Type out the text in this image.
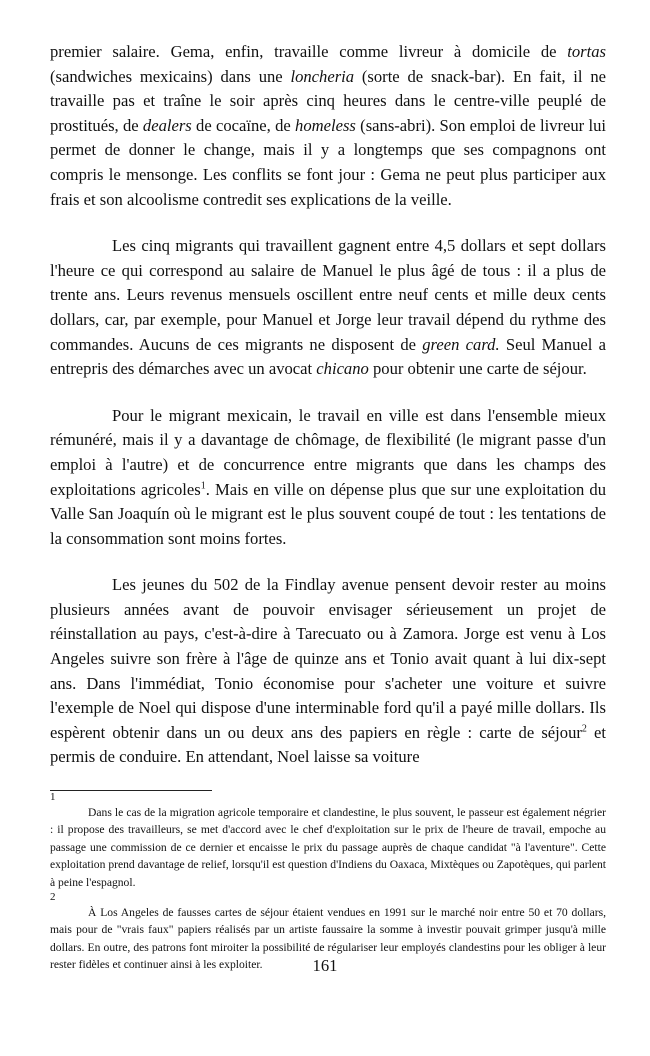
premier salaire. Gema, enfin, travaille comme livreur à domicile de tortas (sandwiches mexicains) dans une loncheria (sorte de snack-bar). En fait, il ne travaille pas et traîne le soir après cinq heures dans le centre-ville peuplé de prostitués, de dealers de cocaïne, de homeless (sans-abri). Son emploi de livreur lui permet de donner le change, mais il y a longtemps que ses compagnons ont compris le mensonge. Les conflits se font jour : Gema ne peut plus participer aux frais et son alcoolisme contredit ses explications de la veille.

Les cinq migrants qui travaillent gagnent entre 4,5 dollars et sept dollars l'heure ce qui correspond au salaire de Manuel le plus âgé de tous : il a plus de trente ans. Leurs revenus mensuels oscillent entre neuf cents et mille deux cents dollars, car, par exemple, pour Manuel et Jorge leur travail dépend du rythme des commandes. Aucuns de ces migrants ne disposent de green card. Seul Manuel a entrepris des démarches avec un avocat chicano pour obtenir une carte de séjour.

Pour le migrant mexicain, le travail en ville est dans l'ensemble mieux rémunéré, mais il y a davantage de chômage, de flexibilité (le migrant passe d'un emploi à l'autre) et de concurrence entre migrants que dans les champs des exploitations agricoles$^1$. Mais en ville on dépense plus que sur une exploitation du Valle San Joaquín où le migrant est le plus souvent coupé de tout : les tentations de la consommation sont moins fortes.

Les jeunes du 502 de la Findlay avenue pensent devoir rester au moins plusieurs années avant de pouvoir envisager sérieusement un projet de réinstallation au pays, c'est-à-dire à Tarecuato ou à Zamora. Jorge est venu à Los Angeles suivre son frère à l'âge de quinze ans et Tonio avait quant à lui dix-sept ans. Dans l'immédiat, Tonio économise pour s'acheter une voiture et suivre l'exemple de Noel qui dispose d'une interminable ford qu'il a payé mille dollars. Ils espèrent obtenir dans un ou deux ans des papiers en règle : carte de séjour$^2$ et permis de conduire. En attendant, Noel laisse sa voiture

1

Dans le cas de la migration agricole temporaire et clandestine, le plus souvent, le passeur est également négrier : il propose des travailleurs, se met d'accord avec le chef d'exploitation sur le prix de l'heure de travail, empoche au passage une commission de ce dernier et encaisse le prix du passage auprès de chaque candidat "à l'aventure". Cette exploitation prend davantage de relief, lorsqu'il est question d'Indiens du Oaxaca, Mixtèques ou Zapotèques, qui parlent à peine l'espagnol.

2

À Los Angeles de fausses cartes de séjour étaient vendues en 1991 sur le marché noir entre 50 et 70 dollars, mais pour de "vrais faux" papiers réalisés par un artiste faussaire la somme à investir pouvait grimper jusqu'à mille dollars. En outre, des patrons font miroiter la possibilité de régulariser leur employés clandestins pour les obliger à leur rester fidèles et continuer ainsi à les exploiter.	161
